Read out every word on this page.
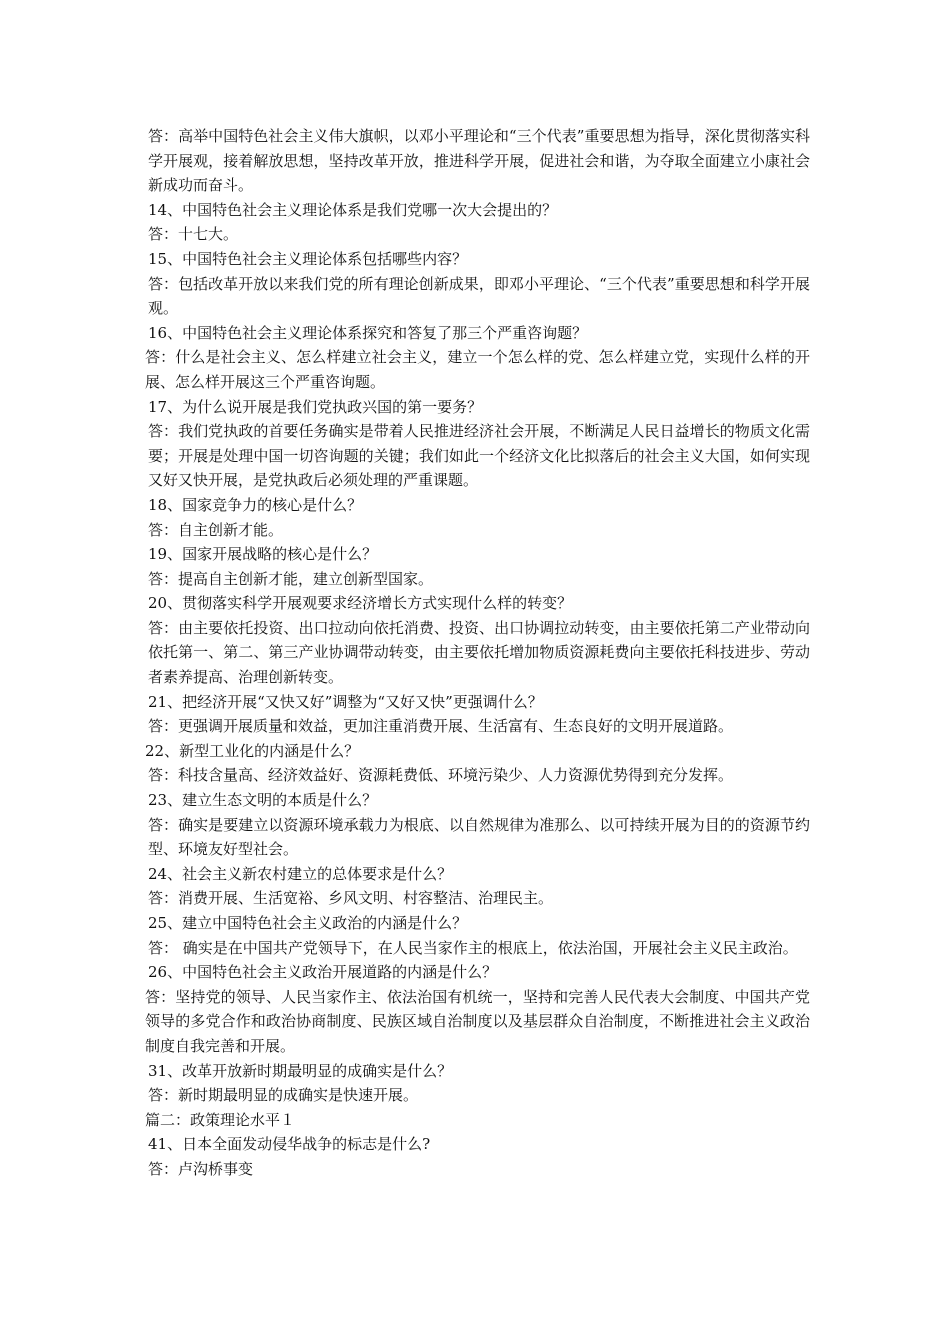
答：高举中国特色社会主义伟大旗帜，以邓小平理论和“三个代表”重要思想为指导，深化贯彻落实科学开展观，接着解放思想，坚持改革开放，推进科学开展，促进社会和谐，为夺取全面建立小康社会新成功而奋斗。

14、中国特色社会主义理论体系是我们党哪一次大会提出的？

答：十七大。

15、中国特色社会主义理论体系包括哪些内容？

答：包括改革开放以来我们党的所有理论创新成果，即邓小平理论、“三个代表”重要思想和科学开展观。

16、中国特色社会主义理论体系探究和答复了那三个严重咨询题？

答：什么是社会主义、怎么样建立社会主义，建立一个怎么样的党、怎么样建立党，实现什么样的开展、怎么样开展这三个严重咨询题。

17、为什么说开展是我们党执政兴国的第一要务？

答：我们党执政的首要任务确实是带着人民推进经济社会开展，不断满足人民日益增长的物质文化需要；开展是处理中国一切咨询题的关键；我们如此一个经济文化比拟落后的社会主义大国，如何实现又好又快开展，是党执政后必须处理的严重课题。

18、国家竞争力的核心是什么？

答：自主创新才能。

19、国家开展战略的核心是什么？

答：提高自主创新才能，建立创新型国家。

20、贯彻落实科学开展观要求经济增长方式实现什么样的转变？

答：由主要依托投资、出口拉动向依托消费、投资、出口协调拉动转变，由主要依托第二产业带动向依托第一、第二、第三产业协调带动转变，由主要依托增加物质资源耗费向主要依托科技进步、劳动者素养提高、治理创新转变。

21、把经济开展“又快又好”调整为“又好又快”更强调什么？

答：更强调开展质量和效益，更加注重消费开展、生活富有、生态良好的文明开展道路。

22、新型工业化的内涵是什么？

答：科技含量高、经济效益好、资源耗费低、环境污染少、人力资源优势得到充分发挥。

23、建立生态文明的本质是什么？

答：确实是要建立以资源环境承载力为根底、以自然规律为准那么、以可持续开展为目的的资源节约型、环境友好型社会。

24、社会主义新农村建立的总体要求是什么？

答：消费开展、生活宽裕、乡风文明、村容整洁、治理民主。

25、建立中国特色社会主义政治的内涵是什么？

答： 确实是在中国共产党领导下，在人民当家作主的根底上，依法治国，开展社会主义民主政治。

26、中国特色社会主义政治开展道路的内涵是什么？

答：坚持党的领导、人民当家作主、依法治国有机统一，坚持和完善人民代表大会制度、中国共产党领导的多党合作和政治协商制度、民族区域自治制度以及基层群众自治制度，不断推进社会主义政治制度自我完善和开展。

31、改革开放新时期最明显的成确实是什么？

答：新时期最明显的成确实是快速开展。

篇二：政策理论水平１

41、日本全面发动侵华战争的标志是什么?

答：卢沟桥事变
